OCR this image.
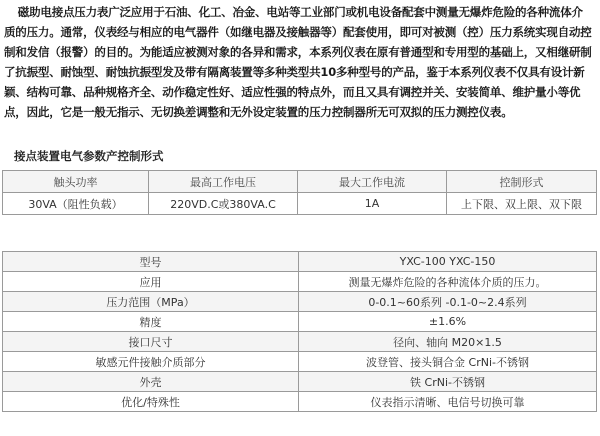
磁助电接点压力表广泛应用于石油、化工、冶金、电站等工业部门或机电设备配套中测量无爆炸危险的各种流体介质的压力。通常，仪表经与相应的电气器件（如继电器及接触器等）配套使用，即可对被测（控）压力系统实现自动控制和发信（报警）的目的。为能适应被测对象的各异和需求，本系列仪表在原有普通型和专用型的基础上，又相继研制了抗振型、耐蚀型、耐蚀抗振型发及带有隔离装置等多种类型共10多种型号的产品，鉴于本系列仪表不仅具有设计新颖、结构可靠、品种规格齐全、动作稳定性好、适应性强的特点外，而且又具有调控并关、安装简单、维护量小等优点，因此，它是一般无指示、无切换差调整和无外设定装置的压力控制器所无可双拟的压力测控仪表。
接点装置电气参数产控制形式
触头功率	最高工作电压	最大工作电流	控制形式
30VA（阻性负载）	220VD.C或380VA.C	1A	上下限、双上限、双下限
型号	YXC-100 YXC-150
应用	测量无爆炸危险的各种流体介质的压力。
压力范围（MPa）	0-0.1~60系列 -0.1-0~2.4系列
精度	±1.6%
接口尺寸	径向、轴向 M20×1.5
敏感元件接触介质部分	波登管、接头铜合金 CrNi-不锈钢
外壳	铁 CrNi-不锈钢
优化/特殊性	仪表指示清晰、电信号切换可靠
